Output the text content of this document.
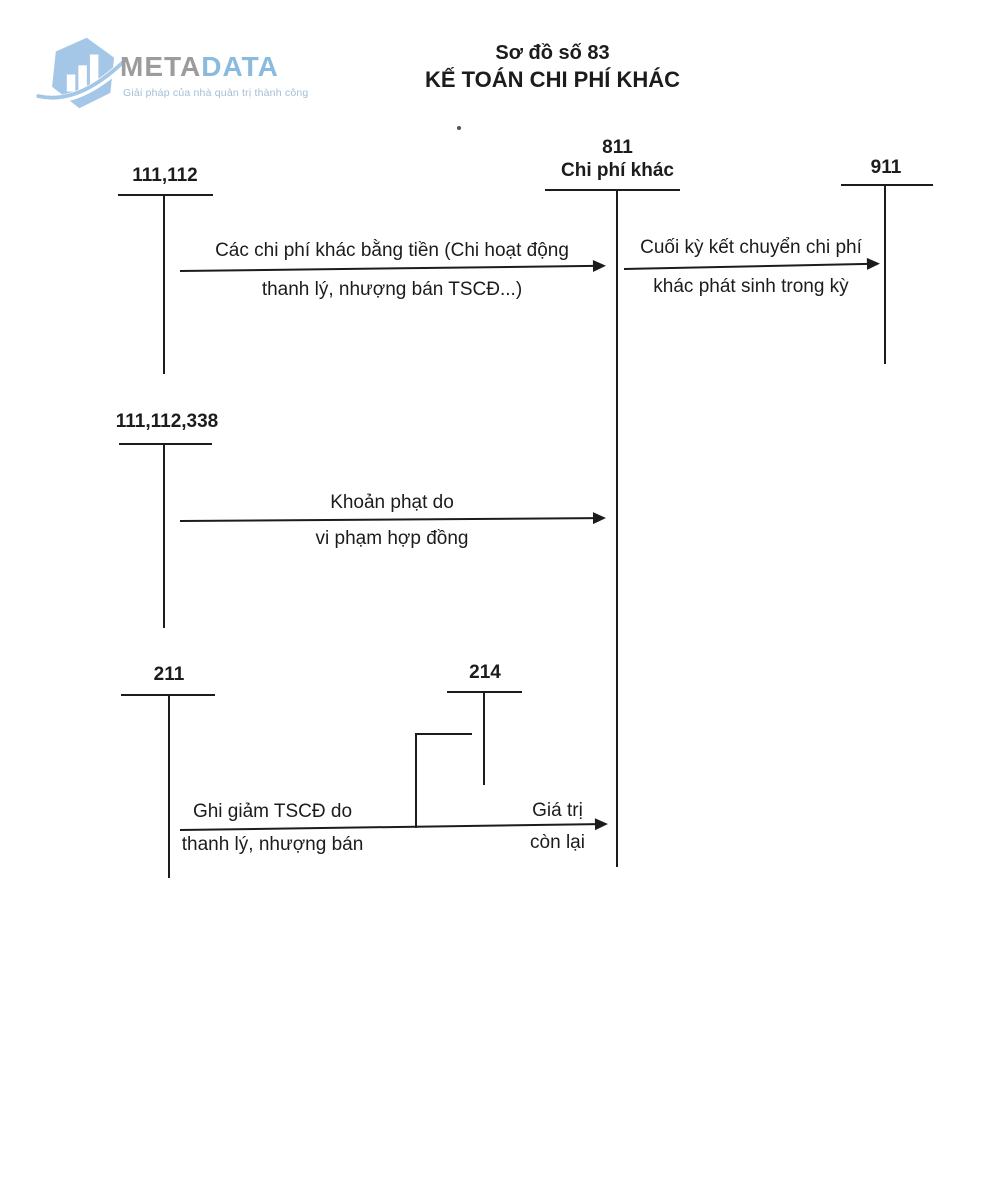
METADATA
Giải pháp của nhà quản trị thành công
Sơ đồ số 83
KẾ TOÁN CHI PHÍ KHÁC
111,112
811
Chi phí khác	911
Các chi phí khác bằng tiền (Chi hoạt động
thanh lý, nhượng bán TSCĐ...)
Cuối kỳ kết chuyển chi phí
khác phát sinh trong kỳ
111,112,338
Khoản phạt do
vi phạm hợp đồng
211	214
Ghi giảm TSCĐ do
thanh lý, nhượng bán
Giá trị
còn lại
